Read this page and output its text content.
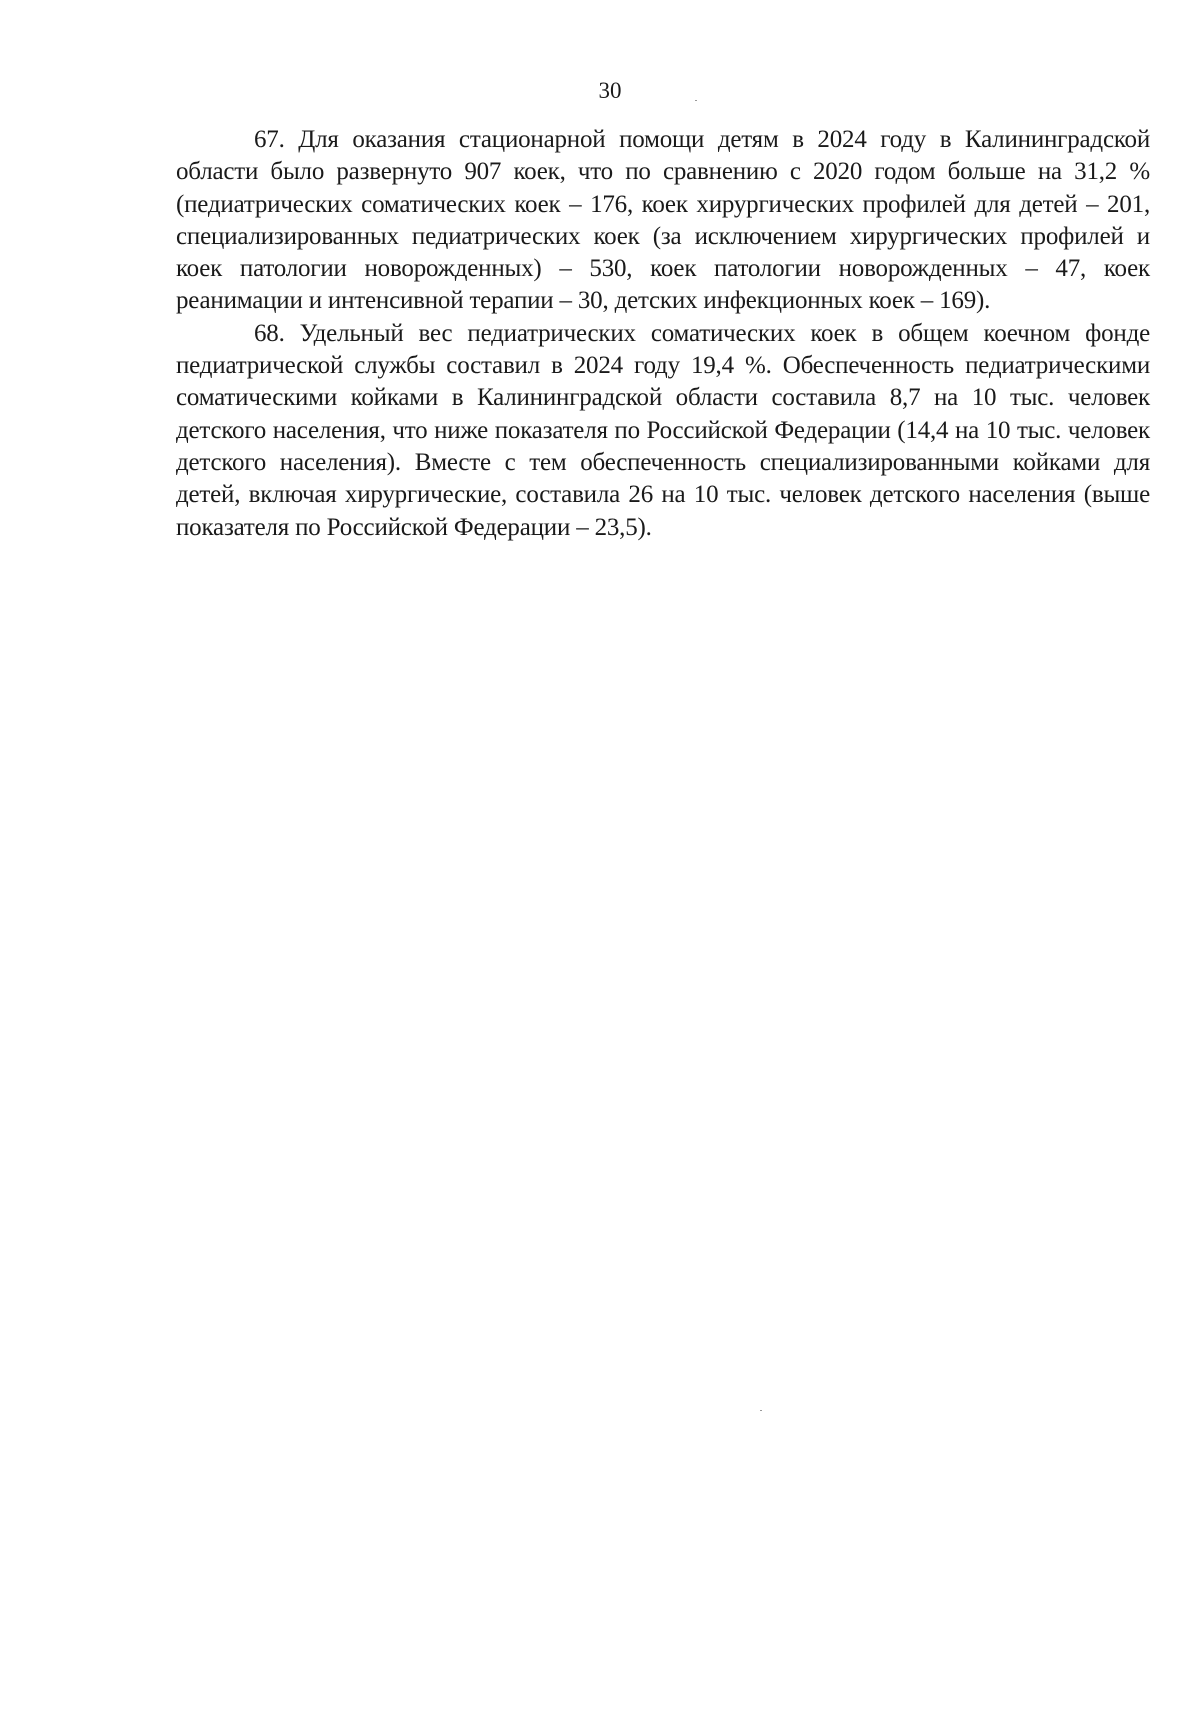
30

67. Для оказания стационарной помощи детям в 2024 году в Калининградской области было развернуто 907 коек, что по сравнению с 2020 годом больше на 31,2 % (педиатрических соматических коек – 176, коек хирургических профилей для детей – 201, специализированных педиатрических коек (за исключением хирургических профилей и коек патологии новорожденных) – 530, коек патологии новорожденных – 47, коек реанимации и интенсивной терапии – 30, детских инфекционных коек – 169).

68. Удельный вес педиатрических соматических коек в общем коечном фонде педиатрической службы составил в 2024 году 19,4 %. Обеспеченность педиатрическими соматическими койками в Калининградской области составила 8,7 на 10 тыс. человек детского населения, что ниже показателя по Российской Федерации (14,4 на 10 тыс. человек детского населения). Вместе с тем обеспеченность специализированными койками для детей, включая хирургические, составила 26 на 10 тыс. человек детского населения (выше показателя по Российской Федерации – 23,5).
